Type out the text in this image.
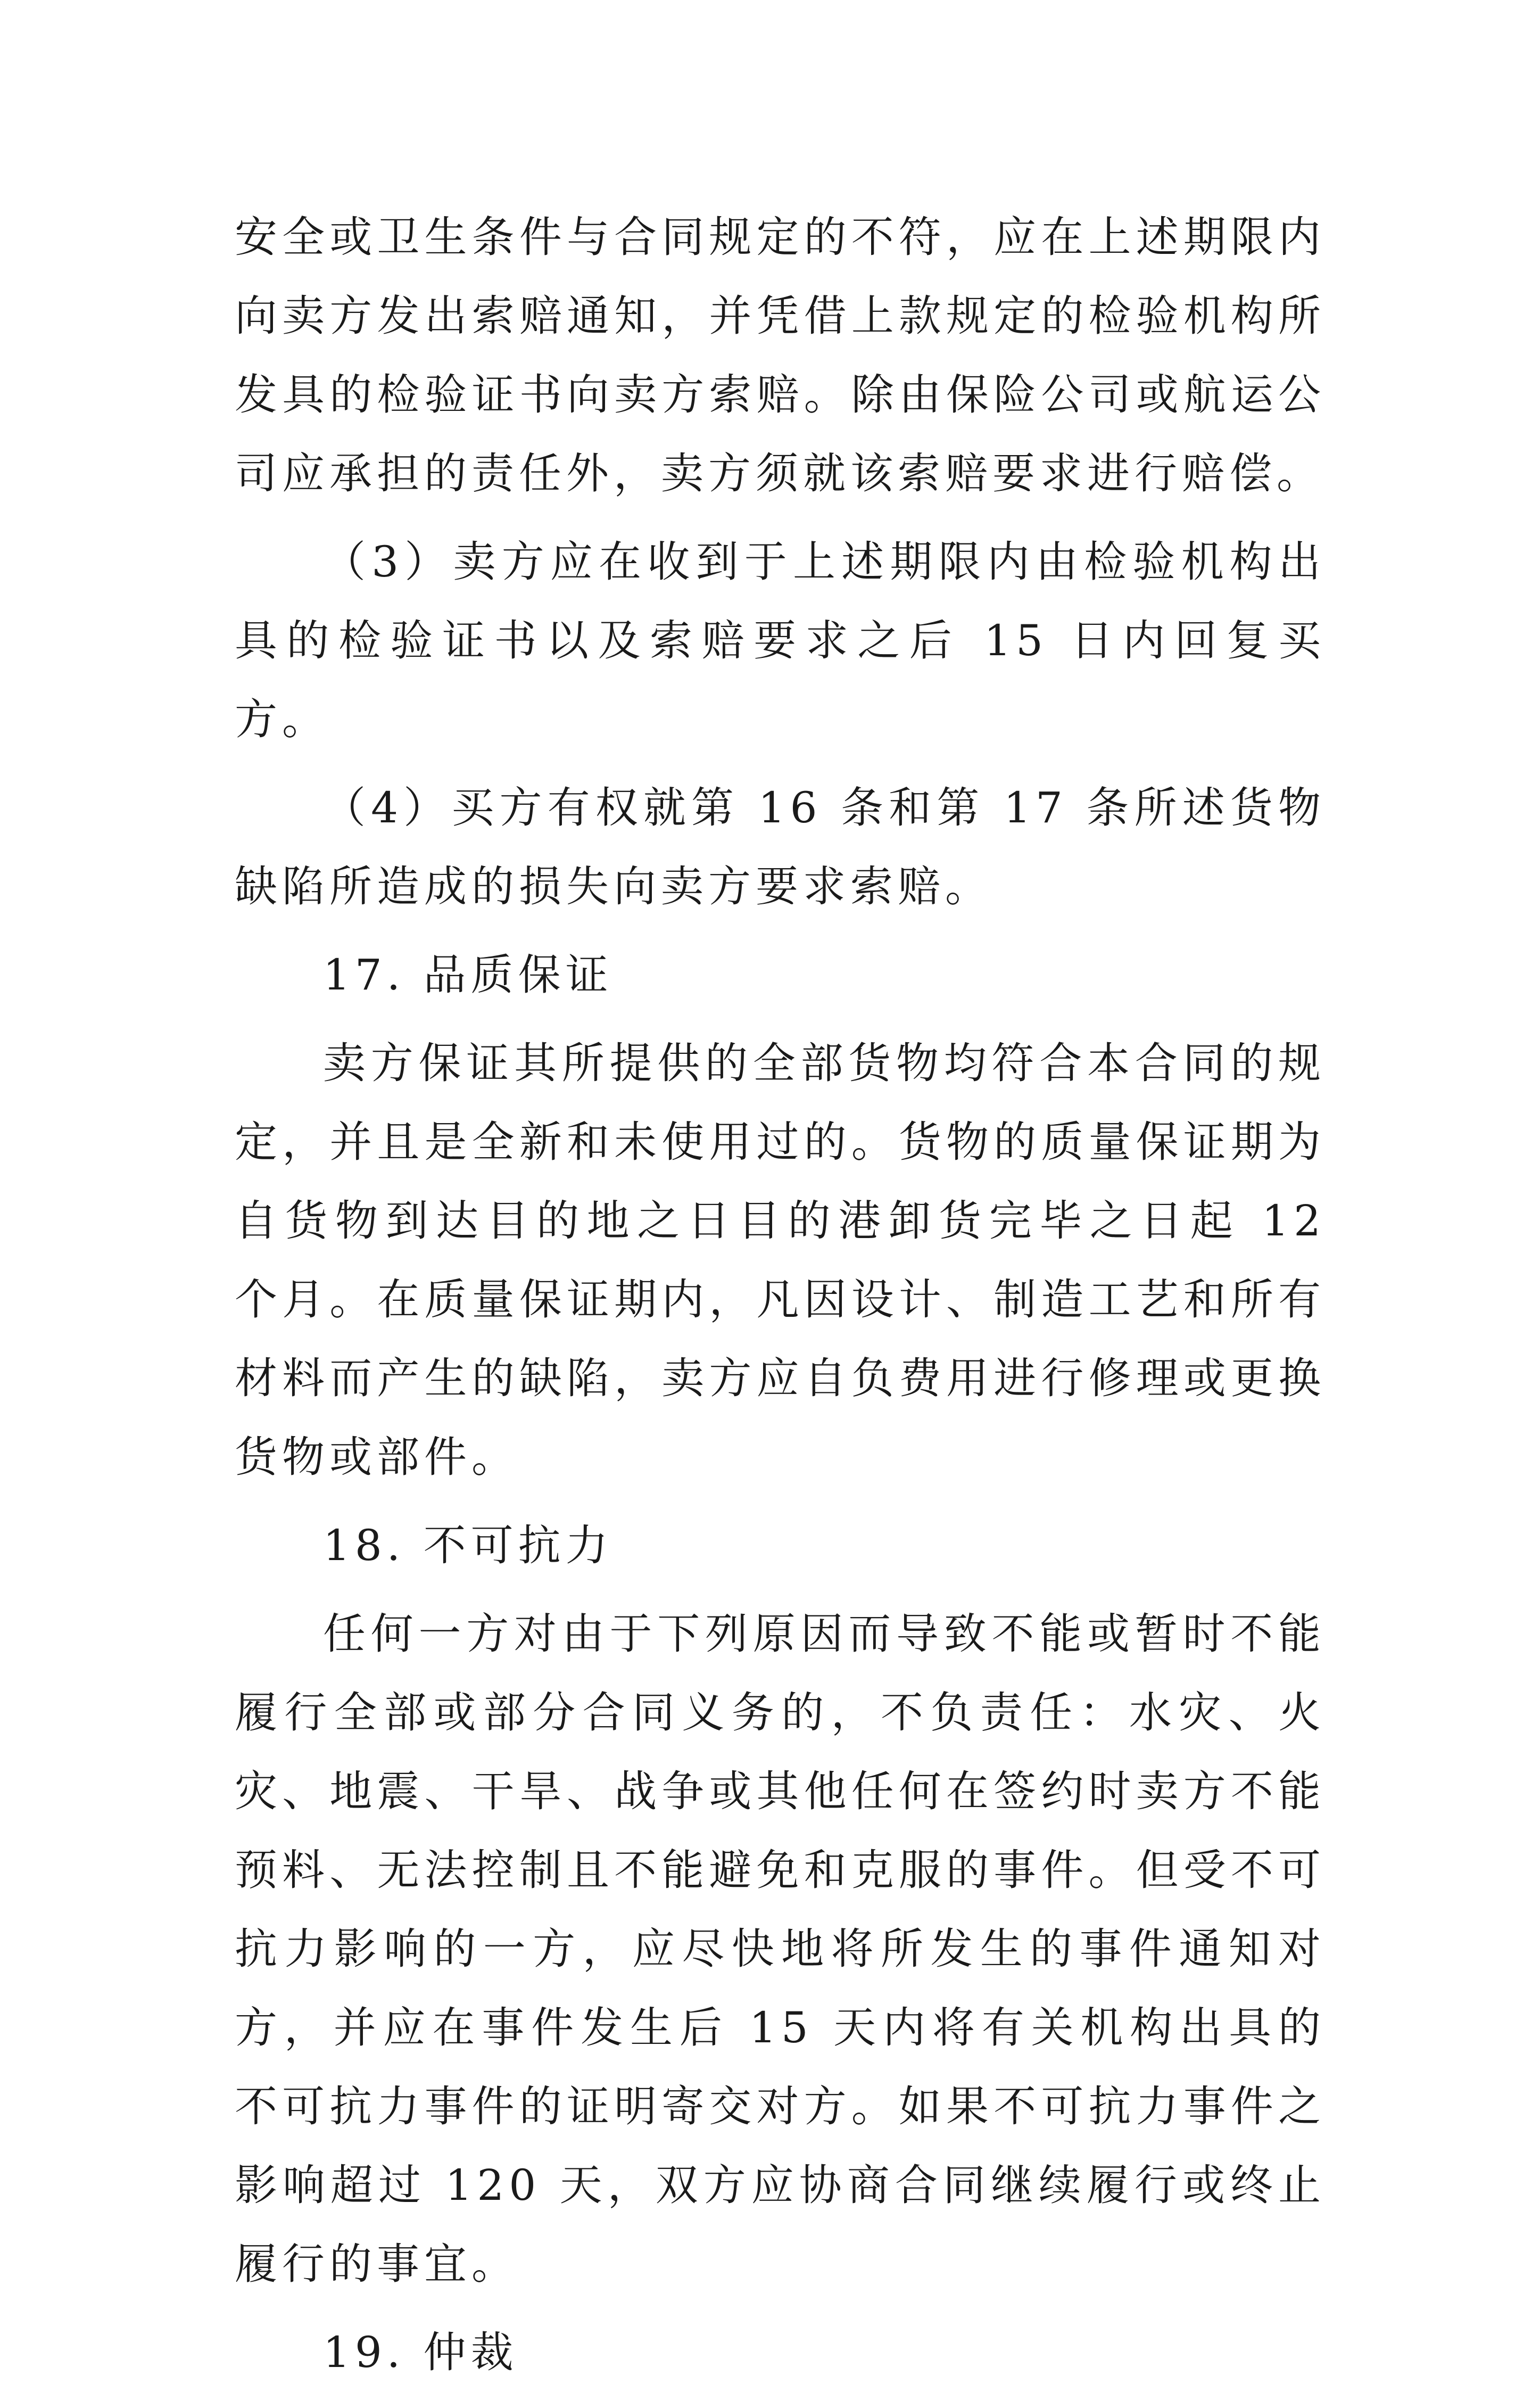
安全或卫生条件与合同规定的不符，应在上述期限内向卖方发出索赔通知，并凭借上款规定的检验机构所发具的检验证书向卖方索赔。除由保险公司或航运公司应承担的责任外，卖方须就该索赔要求进行赔偿。

（3）卖方应在收到于上述期限内由检验机构出具的检验证书以及索赔要求之后 15 日内回复买方。

（4）买方有权就第 16 条和第 17 条所述货物缺陷所造成的损失向卖方要求索赔。

17. 品质保证

卖方保证其所提供的全部货物均符合本合同的规定，并且是全新和未使用过的。货物的质量保证期为自货物到达目的地之日目的港卸货完毕之日起 12 个月。在质量保证期内，凡因设计、制造工艺和所有材料而产生的缺陷，卖方应自负费用进行修理或更换货物或部件。

18. 不可抗力

任何一方对由于下列原因而导致不能或暂时不能履行全部或部分合同义务的，不负责任：水灾、火灾、地震、干旱、战争或其他任何在签约时卖方不能预料、无法控制且不能避免和克服的事件。但受不可抗力影响的一方，应尽快地将所发生的事件通知对方，并应在事件发生后 15 天内将有关机构出具的不可抗力事件的证明寄交对方。如果不可抗力事件之影响超过 120 天，双方应协商合同继续履行或终止履行的事宜。

19. 仲裁
